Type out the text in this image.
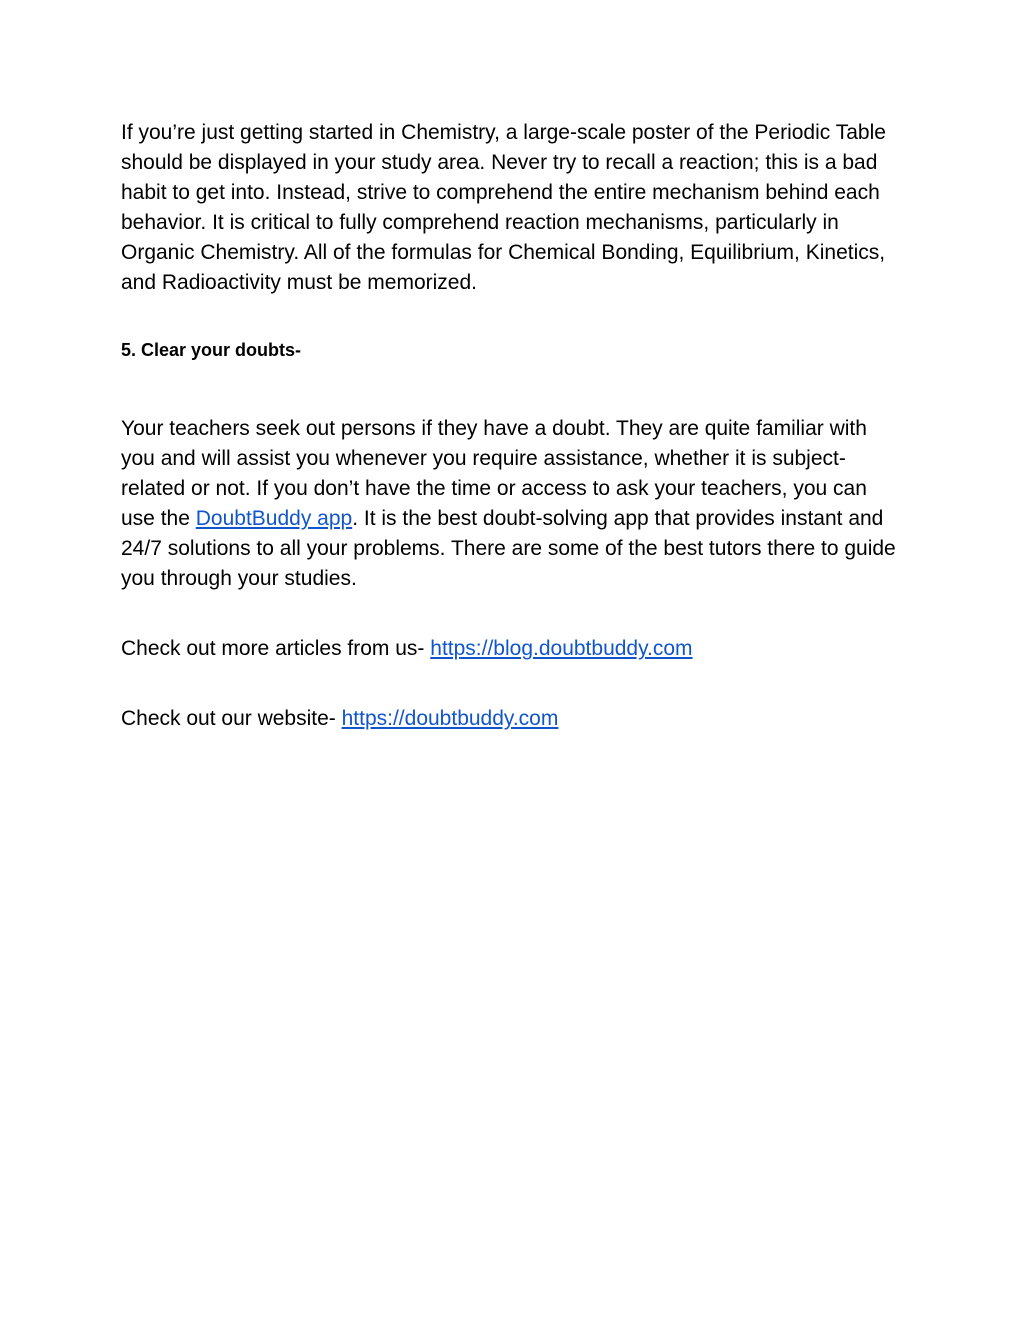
If you’re just getting started in Chemistry, a large-scale poster of the Periodic Table should be displayed in your study area. Never try to recall a reaction; this is a bad habit to get into. Instead, strive to comprehend the entire mechanism behind each behavior. It is critical to fully comprehend reaction mechanisms, particularly in Organic Chemistry. All of the formulas for Chemical Bonding, Equilibrium, Kinetics, and Radioactivity must be memorized.

5. Clear your doubts-

Your teachers seek out persons if they have a doubt. They are quite familiar with you and will assist you whenever you require assistance, whether it is subject-related or not. If you don’t have the time or access to ask your teachers, you can use the DoubtBuddy app. It is the best doubt-solving app that provides instant and 24/7 solutions to all your problems. There are some of the best tutors there to guide you through your studies.

Check out more articles from us- https://blog.doubtbuddy.com

Check out our website- https://doubtbuddy.com
